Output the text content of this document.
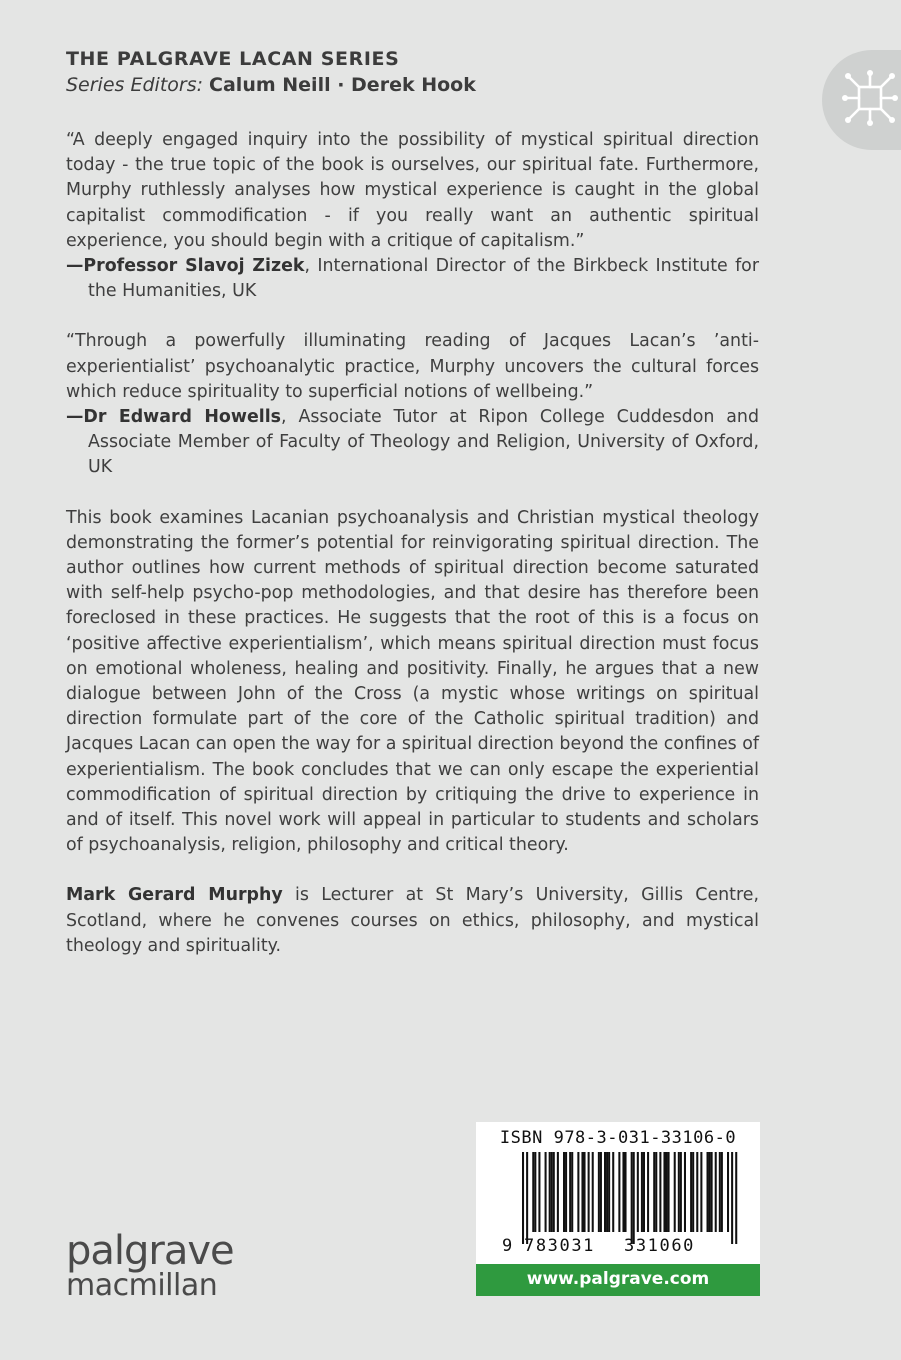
THE PALGRAVE LACAN SERIES

Series Editors: Calum Neill · Derek Hook

“A deeply engaged inquiry into the possibility of mystical spiritual direction today - the true topic of the book is ourselves, our spiritual fate. Furthermore, Murphy ruthlessly analyses how mystical experience is caught in the global capitalist commodification - if you really want an authentic spiritual experience, you should begin with a critique of capitalism.”

—Professor Slavoj Zizek, International Director of the Birkbeck Institute for the Humanities, UK

“Through a powerfully illuminating reading of Jacques Lacan’s ’anti-experientialist’ psychoanalytic practice, Murphy uncovers the cultural forces which reduce spirituality to superficial notions of wellbeing.”

—Dr Edward Howells, Associate Tutor at Ripon College Cuddesdon and Associate Member of Faculty of Theology and Religion, University of Oxford, UK

This book examines Lacanian psychoanalysis and Christian mystical theology demonstrating the former’s potential for reinvigorating spiritual direction. The author outlines how current methods of spiritual direction become saturated with self-help psycho-pop methodologies, and that desire has therefore been foreclosed in these practices. He suggests that the root of this is a focus on ‘positive affective experientialism’, which means spiritual direction must focus on emotional wholeness, healing and positivity. Finally, he argues that a new dialogue between John of the Cross (a mystic whose writings on spiritual direction formulate part of the core of the Catholic spiritual tradition) and Jacques Lacan can open the way for a spiritual direction beyond the confines of experientialism. The book concludes that we can only escape the experiential commodification of spiritual direction by critiquing the drive to experience in and of itself. This novel work will appeal in particular to students and scholars of psychoanalysis, religion, philosophy and critical theory.

Mark Gerard Murphy is Lecturer at St Mary’s University, Gillis Centre, Scotland, where he convenes courses on ethics, philosophy, and mystical theology and spirituality.

palgrave
macmillan
ISBN 978-3-031-33106-0
9 783031 331060
www.palgrave.com
